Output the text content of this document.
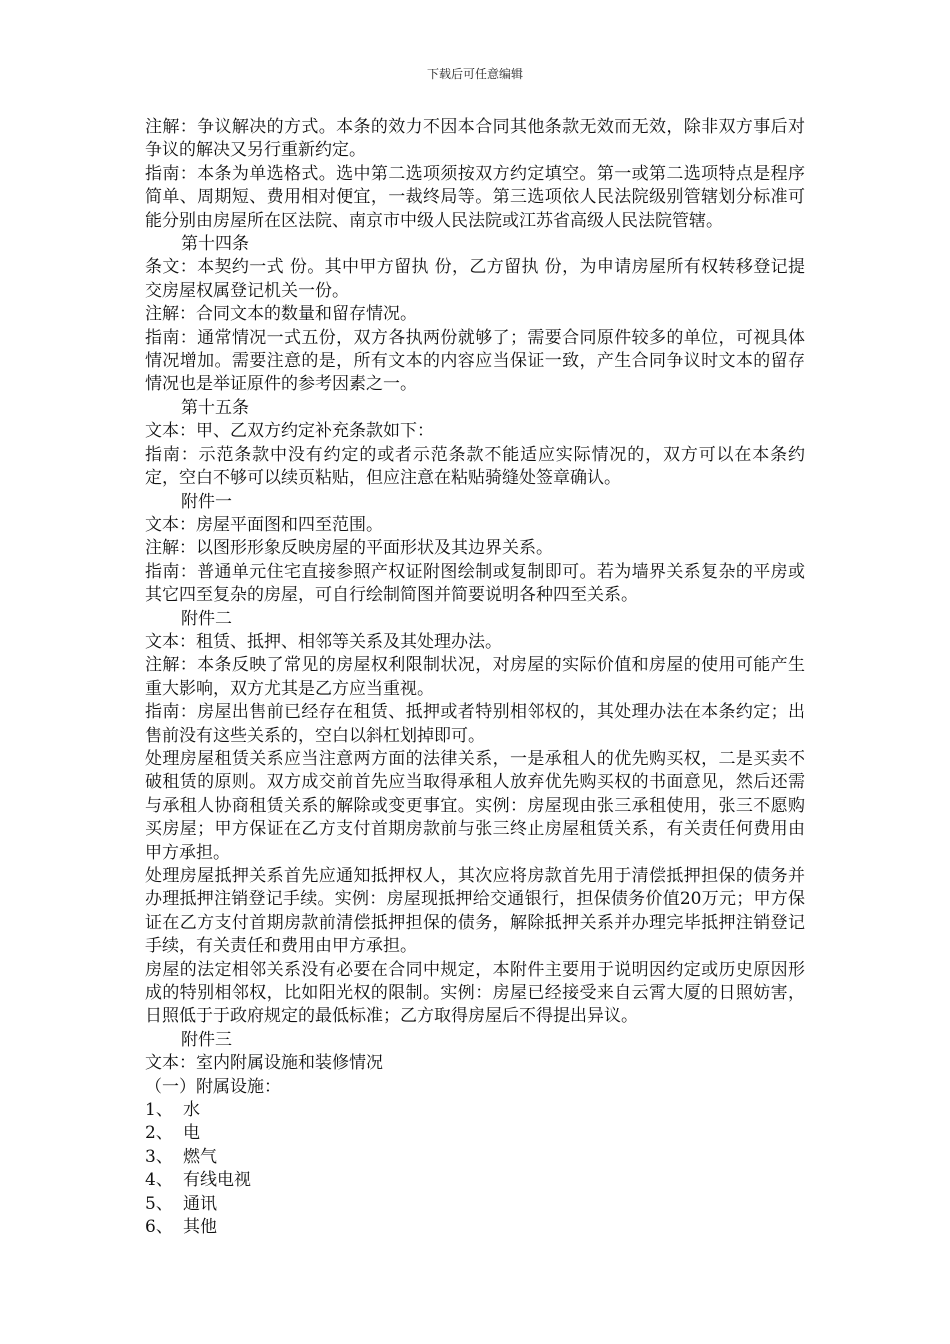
下载后可任意编辑

注解：争议解决的方式。本条的效力不因本合同其他条款无效而无效，除非双方事后对争议的解决又另行重新约定。

指南：本条为单选格式。选中第二选项须按双方约定填空。第一或第二选项特点是程序简单、周期短、费用相对便宜，一裁终局等。第三选项依人民法院级别管辖划分标准可能分别由房屋所在区法院、南京市中级人民法院或江苏省高级人民法院管辖。

第十四条

条文：本契约一式 份。其中甲方留执 份，乙方留执 份，为申请房屋所有权转移登记提交房屋权属登记机关一份。

注解：合同文本的数量和留存情况。

指南：通常情况一式五份，双方各执两份就够了；需要合同原件较多的单位，可视具体情况增加。需要注意的是，所有文本的内容应当保证一致，产生合同争议时文本的留存情况也是举证原件的参考因素之一。

第十五条

文本：甲、乙双方约定补充条款如下：

指南：示范条款中没有约定的或者示范条款不能适应实际情况的，双方可以在本条约定，空白不够可以续页粘贴，但应注意在粘贴骑缝处签章确认。

附件一

文本：房屋平面图和四至范围。

注解：以图形形象反映房屋的平面形状及其边界关系。

指南：普通单元住宅直接参照产权证附图绘制或复制即可。若为墙界关系复杂的平房或其它四至复杂的房屋，可自行绘制简图并简要说明各种四至关系。

附件二

文本：租赁、抵押、相邻等关系及其处理办法。

注解：本条反映了常见的房屋权利限制状况，对房屋的实际价值和房屋的使用可能产生重大影响，双方尤其是乙方应当重视。

指南：房屋出售前已经存在租赁、抵押或者特别相邻权的，其处理办法在本条约定；出售前没有这些关系的，空白以斜杠划掉即可。

处理房屋租赁关系应当注意两方面的法律关系，一是承租人的优先购买权，二是买卖不破租赁的原则。双方成交前首先应当取得承租人放弃优先购买权的书面意见，然后还需与承租人协商租赁关系的解除或变更事宜。实例：房屋现由张三承租使用，张三不愿购买房屋；甲方保证在乙方支付首期房款前与张三终止房屋租赁关系，有关责任何费用由甲方承担。

处理房屋抵押关系首先应通知抵押权人，其次应将房款首先用于清偿抵押担保的债务并办理抵押注销登记手续。实例：房屋现抵押给交通银行，担保债务价值20万元；甲方保证在乙方支付首期房款前清偿抵押担保的债务，解除抵押关系并办理完毕抵押注销登记手续，有关责任和费用由甲方承担。

房屋的法定相邻关系没有必要在合同中规定，本附件主要用于说明因约定或历史原因形成的特别相邻权，比如阳光权的限制。实例：房屋已经接受来自云霄大厦的日照妨害，日照低于于政府规定的最低标准；乙方取得房屋后不得提出异议。

附件三

文本：室内附属设施和装修情况

（一）附属设施：

1、 水
2、 电
3、 燃气
4、 有线电视
5、 通讯
6、 其他
